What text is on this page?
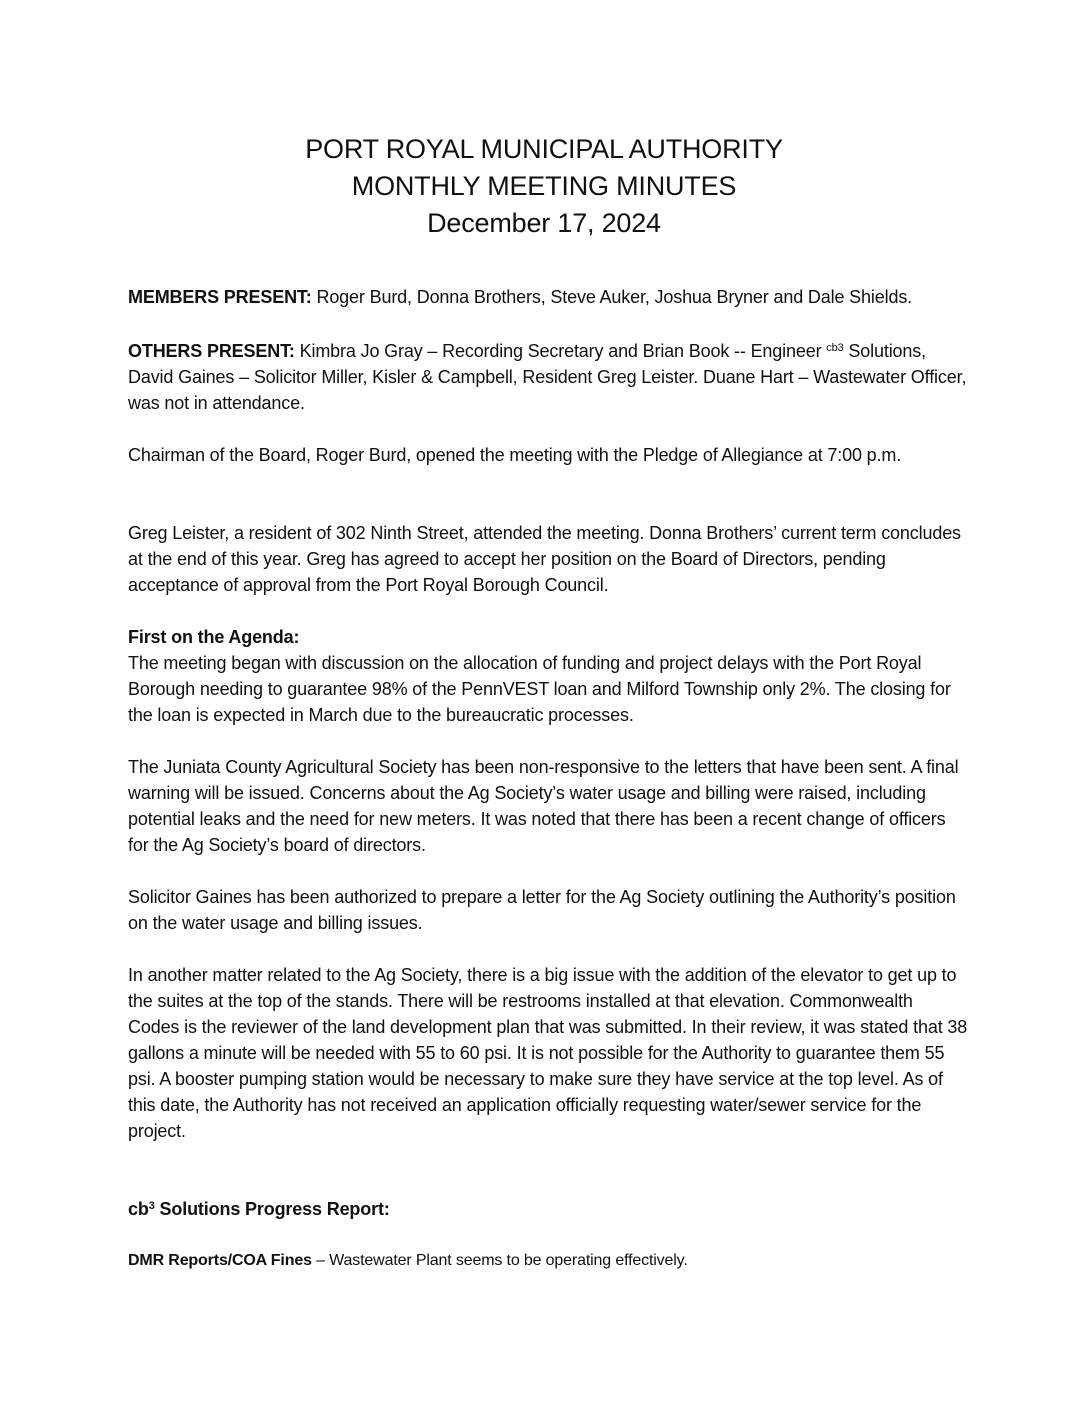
PORT ROYAL MUNICIPAL AUTHORITY
MONTHLY MEETING MINUTES
December 17, 2024

MEMBERS PRESENT: Roger Burd, Donna Brothers, Steve Auker, Joshua Bryner and Dale Shields.

OTHERS PRESENT: Kimbra Jo Gray – Recording Secretary and Brian Book -- Engineer $^{cb3}$ Solutions, David Gaines – Solicitor Miller, Kisler & Campbell, Resident Greg Leister. Duane Hart – Wastewater Officer, was not in attendance.

Chairman of the Board, Roger Burd, opened the meeting with the Pledge of Allegiance at 7:00 p.m.

Greg Leister, a resident of 302 Ninth Street, attended the meeting. Donna Brothers’ current term concludes at the end of this year. Greg has agreed to accept her position on the Board of Directors, pending acceptance of approval from the Port Royal Borough Council.

First on the Agenda:

The meeting began with discussion on the allocation of funding and project delays with the Port Royal Borough needing to guarantee 98% of the PennVEST loan and Milford Township only 2%. The closing for the loan is expected in March due to the bureaucratic processes.

The Juniata County Agricultural Society has been non-responsive to the letters that have been sent. A final warning will be issued. Concerns about the Ag Society’s water usage and billing were raised, including potential leaks and the need for new meters. It was noted that there has been a recent change of officers for the Ag Society’s board of directors.

Solicitor Gaines has been authorized to prepare a letter for the Ag Society outlining the Authority’s position on the water usage and billing issues.

In another matter related to the Ag Society, there is a big issue with the addition of the elevator to get up to the suites at the top of the stands. There will be restrooms installed at that elevation. Commonwealth Codes is the reviewer of the land development plan that was submitted. In their review, it was stated that 38 gallons a minute will be needed with 55 to 60 psi. It is not possible for the Authority to guarantee them 55 psi. A booster pumping station would be necessary to make sure they have service at the top level. As of this date, the Authority has not received an application officially requesting water/sewer service for the project.

$cb^3$ Solutions Progress Report:

DMR Reports/COA Fines – Wastewater Plant seems to be operating effectively.
